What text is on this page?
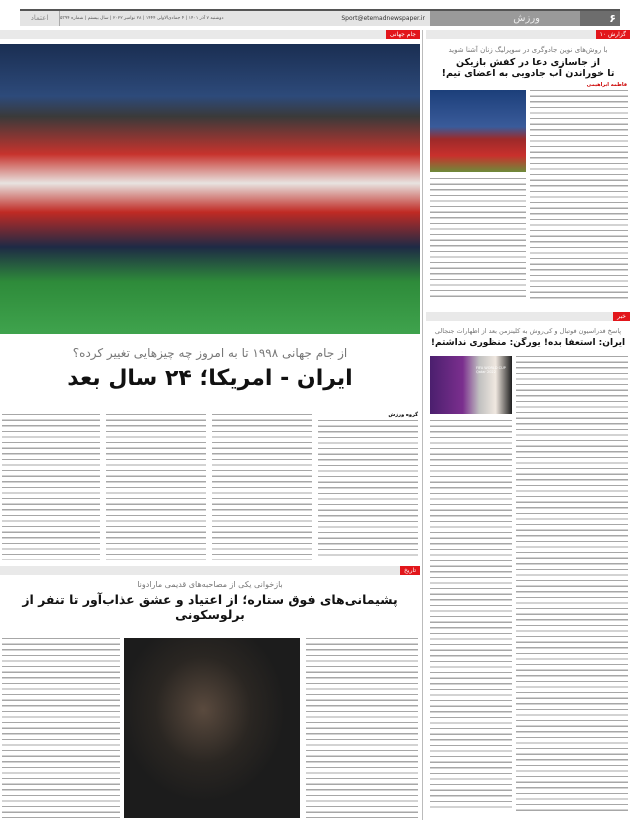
۶
ورزش
Sport@etemadnewspaper.ir
دوشنبه ۷ آذر ۱۴۰۱ | ۴ جمادی‌الاولی ۱۴۴۴ | ۲۸ نوامبر ۲۰۲۲ | سال بیستم | شماره ۵۳۹۴
اعتماد
گزارش ۱۰
با روش‌های نوین جادوگری در سوپرلیگ زنان آشنا شوید
از جاسازی دعا در کفش بازیکن
تا خوراندن آب جادویی به اعضای تیم!
فاطمه ابراهیمی
خبر
پاسخ فدراسیون فوتبال و کی‌روش به کلینزمن بعد از اظهارات جنجالی
ایران: استعفا بده! یورگن: منظوری نداشتم!
FIFA WORLD CUP Qatar 2022
جام جهانی
از جام جهانی ۱۹۹۸ تا به امروز چه چیزهایی تغییر کرده؟
ایران - امریکا؛ ۲۴ سال بعد
گروه ورزش
تاریخ
بازخوانی یکی از مصاحبه‌های قدیمی مارادونا
پشیمانی‌های فوق ستاره؛ از اعتیاد و عشق عذاب‌آور تا تنفر از برلوسکونی
